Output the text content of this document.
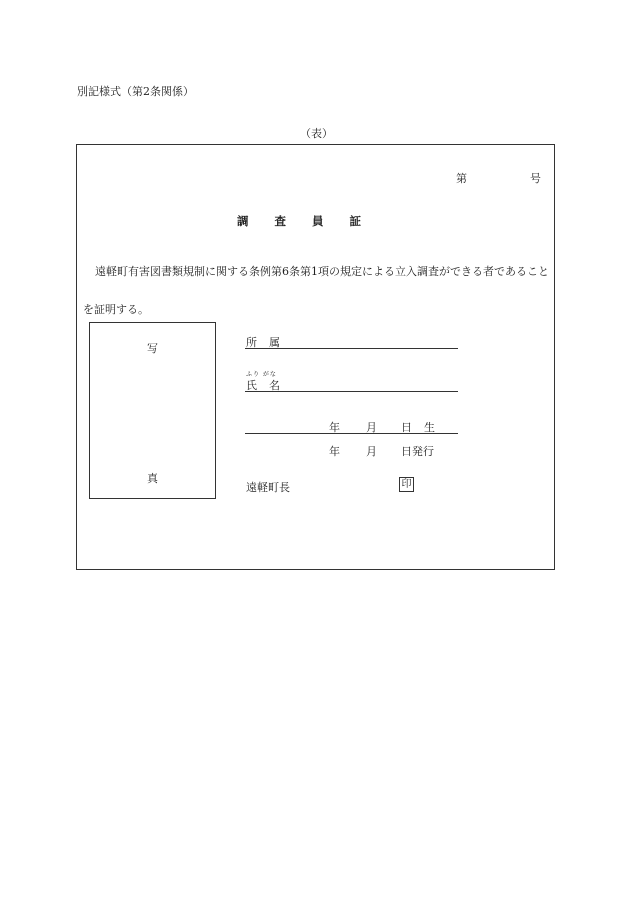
別記様式（第2条関係）
（表）
第	号
調査員証
遠軽町有害図書類規制に関する条例第6条第1項の規定による立入調査ができる者であることを証明する。
写
真
所属
ふり がな
氏名
年 月 日 生
年 月 日 発行
遠軽町長	印
